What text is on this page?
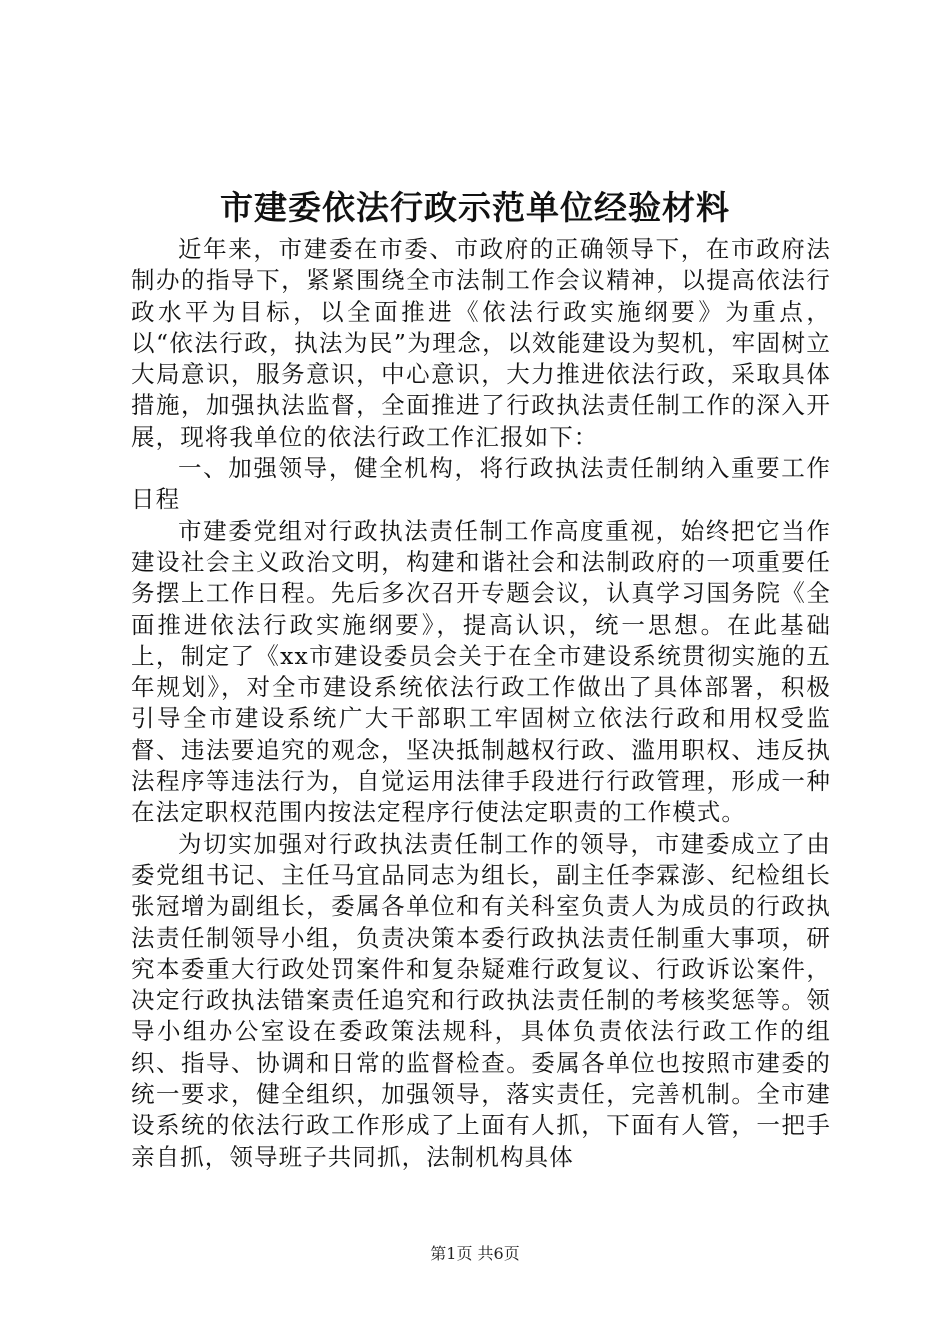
市建委依法行政示范单位经验材料

近年来，市建委在市委、市政府的正确领导下，在市政府法制办的指导下，紧紧围绕全市法制工作会议精神，以提高依法行政水平为目标，以全面推进《依法行政实施纲要》为重点，以“依法行政，执法为民”为理念，以效能建设为契机，牢固树立大局意识，服务意识，中心意识，大力推进依法行政，采取具体措施，加强执法监督，全面推进了行政执法责任制工作的深入开展，现将我单位的依法行政工作汇报如下：

一、加强领导，健全机构，将行政执法责任制纳入重要工作日程

市建委党组对行政执法责任制工作高度重视，始终把它当作建设社会主义政治文明，构建和谐社会和法制政府的一项重要任务摆上工作日程。先后多次召开专题会议，认真学习国务院《全面推进依法行政实施纲要》，提高认识，统一思想。在此基础上，制定了《xx市建设委员会关于在全市建设系统贯彻实施的五年规划》，对全市建设系统依法行政工作做出了具体部署，积极引导全市建设系统广大干部职工牢固树立依法行政和用权受监督、违法要追究的观念，坚决抵制越权行政、滥用职权、违反执法程序等违法行为，自觉运用法律手段进行行政管理，形成一种在法定职权范围内按法定程序行使法定职责的工作模式。

为切实加强对行政执法责任制工作的领导，市建委成立了由委党组书记、主任马宜品同志为组长，副主任李霖澎、纪检组长张冠增为副组长，委属各单位和有关科室负责人为成员的行政执法责任制领导小组，负责决策本委行政执法责任制重大事项，研究本委重大行政处罚案件和复杂疑难行政复议、行政诉讼案件，决定行政执法错案责任追究和行政执法责任制的考核奖惩等。领导小组办公室设在委政策法规科，具体负责依法行政工作的组织、指导、协调和日常的监督检查。委属各单位也按照市建委的统一要求，健全组织，加强领导，落实责任，完善机制。全市建设系统的依法行政工作形成了上面有人抓，下面有人管，一把手亲自抓，领导班子共同抓，法制机构具体

第1页 共6页
